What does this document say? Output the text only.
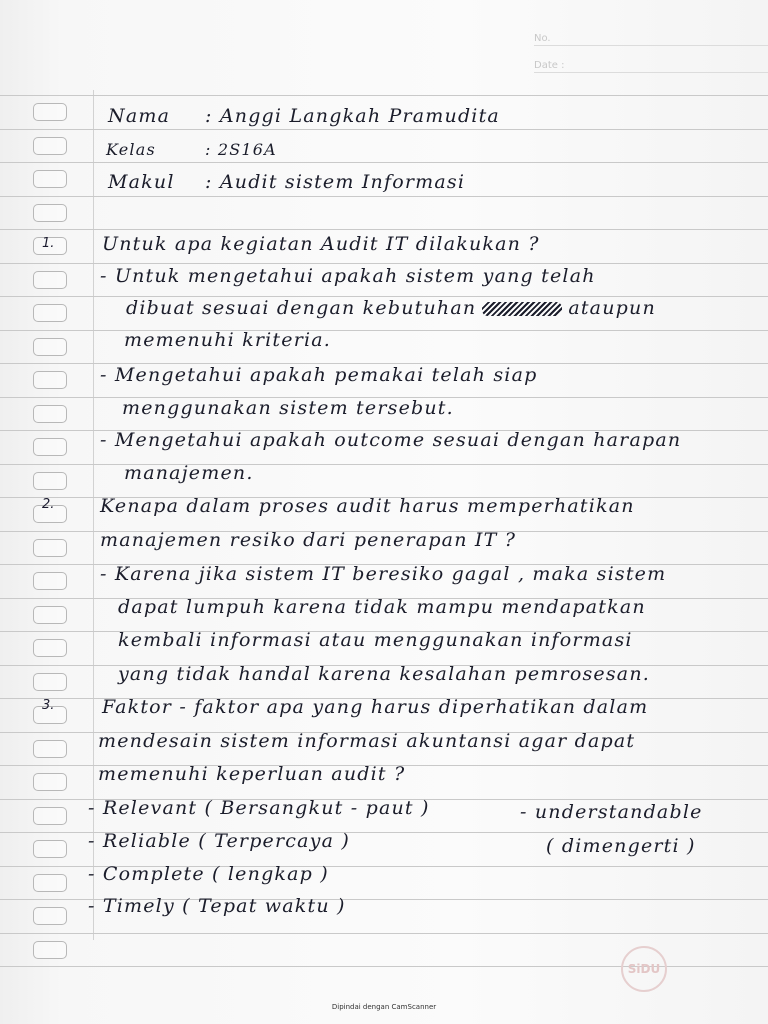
No.
Date :
Nama : Anggi Langkah Pramudita
Kelas	: 2S16A
Makul : Audit sistem Informasi
1.	Untuk apa kegiatan Audit IT dilakukan ?
- Untuk mengetahui apakah sistem yang telah
dibuat sesuai dengan kebutuhan	ataupun
memenuhi kriteria.
- Mengetahui apakah pemakai telah siap
menggunakan sistem tersebut.
- Mengetahui apakah outcome sesuai dengan harapan
manajemen.
2. Kenapa dalam proses audit harus memperhatikan
manajemen resiko dari penerapan IT ?
- Karena jika sistem IT beresiko gagal , maka sistem
dapat lumpuh karena tidak mampu mendapatkan
kembali informasi atau menggunakan informasi
yang tidak handal karena kesalahan pemrosesan.
3.	Faktor - faktor apa yang harus diperhatikan dalam
mendesain sistem informasi akuntansi agar dapat
memenuhi keperluan audit ?
- Relevant ( Bersangkut - paut )	- understandable
( dimengerti )
- Reliable ( Terpercaya )
- Complete ( lengkap )
- Timely ( Tepat waktu )
SiDU
Dipindai dengan CamScanner
